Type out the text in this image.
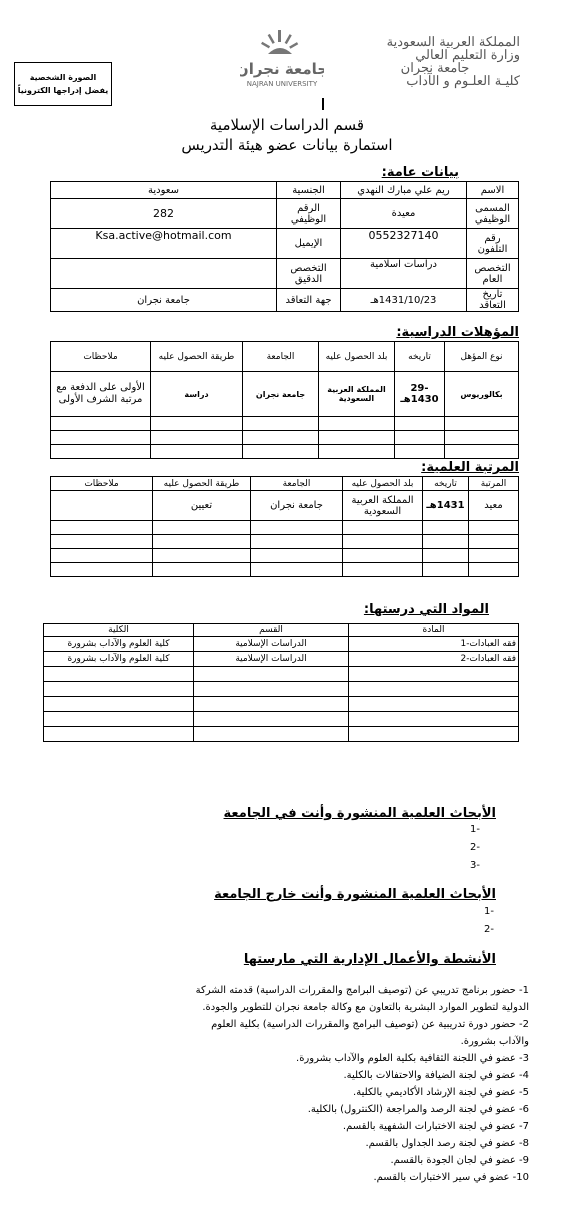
الصورة الشخصية
يفضل إدراجها الكترونياً
جامعة نجران
NAJRAN UNIVERSITY
المملكة العربية السعودية
وزارة التعليم العالي
جامعة نجران
كليـة العلـوم و الآداب
قسم الدراسات الإسلامية
استمارة بيانات عضو هيئة التدريس
بيانات عامة:
الاسم	ريم علي مبارك النهدي	الجنسية	سعودية
المسمى الوظيفي	معيدة	الرقم الوظيفي	282
رقم التلفون	0552327140	الإيميل	Ksa.active@hotmail.com
التخصص العام	دراسات اسلامية	التخصص الدقيق	
تاريخ التعاقد	1431/10/23هـ	جهة التعاقد	جامعة نجران
المؤهلات الدراسية:
نوع المؤهل	تاريخه	بلد الحصول عليه	الجامعة	طريقة الحصول عليه	ملاحظات
بكالوريوس	29-1430هـ	المملكة العربية السعودية	جامعة نجران	دراسة	الأولى على الدفعة مع مرتبة الشرف الأولى

المرتبة العلمية:
المرتبة	تاريخه	بلد الحصول عليه	الجامعة	طريقة الحصول عليه	ملاحظات
معيد	1431هـ	المملكة العربية السعودية	جامعة نجران	تعيين	

المواد التي درستها:
المادة	القسم	الكلية
فقه العبادات-1	الدراسات الإسلامية	كلية العلوم والآداب بشرورة
فقه العبادات-2	الدراسات الإسلامية	كلية العلوم والآداب بشرورة

الأبحاث العلمية المنشورة وأنت في الجامعة
1-
2-
3-
الأبحاث العلمية المنشورة وأنت خارج الجامعة
1-
2-
الأنشطة والأعمال الإدارية التي مارستها
1- حضور برنامج تدريبي عن (توصيف البرامج والمقررات الدراسية) قدمته الشركة
الدولية لتطوير الموارد البشرية بالتعاون مع وكالة جامعة نجران للتطوير والجودة.
2- حضور دورة تدريبية عن (توصيف البرامج والمقررات الدراسية) بكلية العلوم
والآداب بشرورة.
3- عضو في اللجنة الثقافية بكلية العلوم والآداب بشرورة.
4- عضو في لجنة الضيافة والاحتفالات بالكلية.
5- عضو في لجنة الإرشاد الأكاديمي بالكلية.
6- عضو في لجنة الرصد والمراجعة (الكنترول) بالكلية.
7- عضو في لجنة الاختبارات الشفهية بالقسم.
8- عضو في لجنة رصد الجداول بالقسم.
9- عضو في لجان الجودة بالقسم.
10- عضو في سير الاختبارات بالقسم.
